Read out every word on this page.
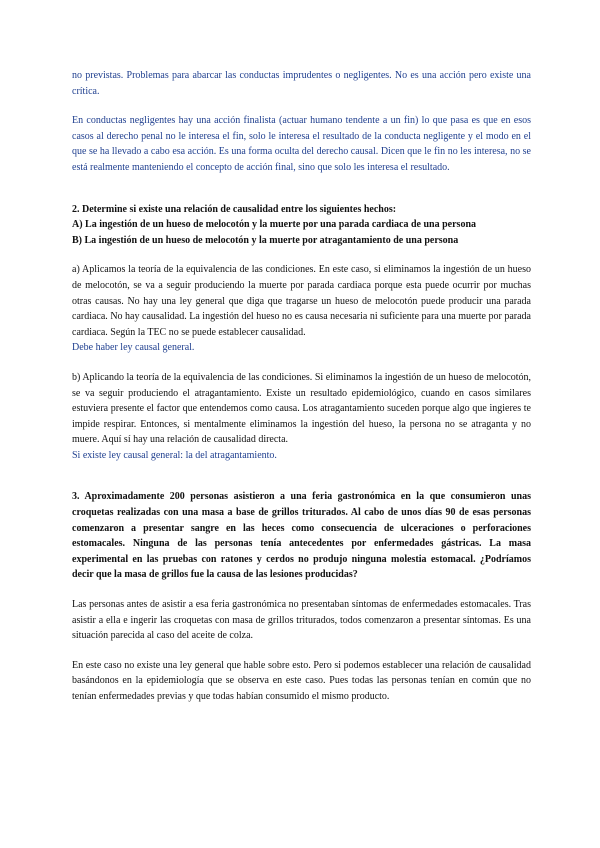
no previstas. Problemas para abarcar las conductas imprudentes o negligentes. No es una acción pero existe una crítica.

En conductas negligentes hay una acción finalista (actuar humano tendente a un fin) lo que pasa es que en esos casos al derecho penal no le interesa el fin, solo le interesa el resultado de la conducta negligente y el modo en el que se ha llevado a cabo esa acción. Es una forma oculta del derecho causal. Dicen que le fin no les interesa, no se está realmente manteniendo el concepto de acción final, sino que solo les interesa el resultado.

2. Determine si existe una relación de causalidad entre los siguientes hechos:

A) La ingestión de un hueso de melocotón y la muerte por una parada cardiaca de una persona

B) La ingestión de un hueso de melocotón y la muerte por atragantamiento de una persona

a) Aplicamos la teoría de la equivalencia de las condiciones. En este caso, si eliminamos la ingestión de un hueso de melocotón, se va a seguir produciendo la muerte por parada cardiaca porque esta puede ocurrir por muchas otras causas. No hay una ley general que diga que tragarse un hueso de melocotón puede producir una parada cardiaca. No hay causalidad. La ingestión del hueso no es causa necesaria ni suficiente para una muerte por parada cardiaca. Según la TEC no se puede establecer causalidad.

Debe haber ley causal general.

b) Aplicando la teoría de la equivalencia de las condiciones. Si eliminamos la ingestión de un hueso de melocotón, se va seguir produciendo el atragantamiento. Existe un resultado epidemiológico, cuando en casos similares estuviera presente el factor que entendemos como causa. Los atragantamiento suceden porque algo que ingieres te impide respirar. Entonces, si mentalmente eliminamos la ingestión del hueso, la persona no se atraganta y no muere. Aquí sí hay una relación de causalidad directa.

Si existe ley causal general: la del atragantamiento.

3. Aproximadamente 200 personas asistieron a una feria gastronómica en la que consumieron unas croquetas realizadas con una masa a base de grillos triturados. Al cabo de unos días 90 de esas personas comenzaron a presentar sangre en las heces como consecuencia de ulceraciones o perforaciones estomacales. Ninguna de las personas tenía antecedentes por enfermedades gástricas. La masa experimental en las pruebas con ratones y cerdos no produjo ninguna molestia estomacal. ¿Podríamos decir que la masa de grillos fue la causa de las lesiones producidas?

Las personas antes de asistir a esa feria gastronómica no presentaban síntomas de enfermedades estomacales. Tras asistir a ella e ingerir las croquetas con masa de grillos triturados, todos comenzaron a presentar síntomas. Es una situación parecida al caso del aceite de colza.

En este caso no existe una ley general que hable sobre esto. Pero si podemos establecer una relación de causalidad basándonos en la epidemiología que se observa en este caso. Pues todas las personas tenían en común que no tenían enfermedades previas y que todas habían consumido el mismo producto.
